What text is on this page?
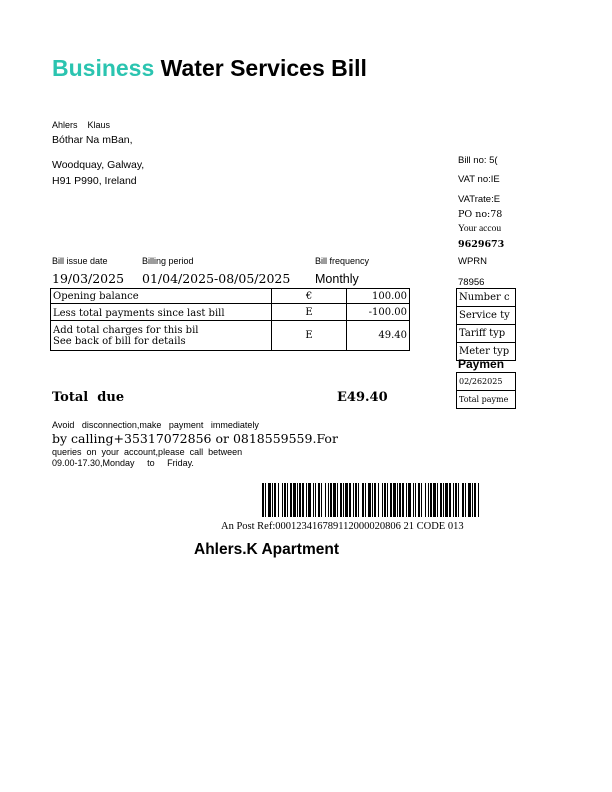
Business Water Services Bill
Ahlers Klaus
Bóthar Na mBan,
Woodquay, Galway,
H91 P990, Ireland
Bill no: 5(
VAT no:IE
VATrate:E
PO no:78
Your accou
9629673
WPRN
78956
Number c
Service ty
Tariff typ
Meter typ
Paymen
02/262025
Total payme
Bill issue date	Billing period	Bill frequency
19/03/2025 01/04/2025-08/05/2025 Monthly
Opening balance	€	100.00
Less total payments since last bill	E	-100.00

Add total charges for this bil
See back of bill for details	E	49.40
Total  due	E49.40
Avoid   disconnection,make   payment   immediately
by calling+35317072856 or 0818559559.For
queries  on  your  account,please  call  between
09.00-17.30,Monday     to     Friday.
An Post Ref:000123416789112000020806 21 CODE 013
Ahlers.K Apartment
